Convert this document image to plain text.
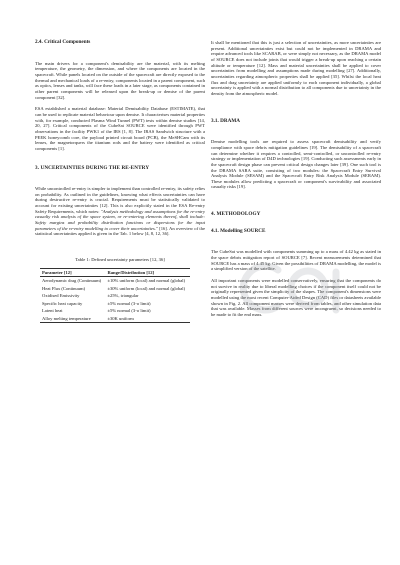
2.4. Critical Components

The main drivers for a component's demisability are the material, with its melting temperature, the geometry, the dimension, and where the components are located in the spacecraft. While panels located on the outside of the spacecraft are directly exposed to the thermal and mechanical loads of a re-entry, components located in a parent component, such as optics, lenses and tanks, will face these loads in a later stage, as components contained in other parent components will be released upon the break-up or demise of the parent component [32].

ESA established a material database: Material Demisability Database (ESTIMATE), that can be used to replicate material behaviour upon demise. It characterises material properties with, for example, conducted Plasma Wind Tunnel (PWT) tests within demise studies [14, 20, 27]. Critical components of the CubeSat SOURCE were identified through PWT observations in the facility PWK1 of the IRS [1, 8]. The IRAS Sandwich structure with a PEEK honeycomb core, the payload printed circuit board (PCB), the MeSHCam with its lenses, the magnetorquers the titanium rods and the battery were identified as critical components [1].

3. UNCERTAINTIES DURING THE RE-ENTRY

While uncontrolled re-entry is simpler to implement than controlled re-entry, its safety relies on probability. As outlined in the guidelines, knowing what effects uncertainties can have during destructive re-entry is crucial. Requirements must be statistically validated to account for existing uncertainties [12]. This is also explicitly stated in the ESA Re-entry Safety Requirements, which notes: "Analysis methodology and assumptions for the re-entry casualty risk analysis of the space system, or re-entering elements thereof, shall include: Safety margins and probability distribution functions or dispersions for the input parameters of the re-entry modelling to cover their uncertainties." [16]. An overview of the statistical uncertainties applied is given in the Tab. 1 below [4, 8, 12, 36].

Table 1: Defined uncertainty parameters [12, 36]
Parameter [12]	Range/Distribution [12]
Aerodynamic drag (Continuum)	±10% uniform (local) and normal (global)
Heat Flux (Continuum)	±30% uniform (local) and normal (global)
Oxidised Emissivity	±25%, triangular
Specific heat capacity	±5% normal (3-σ limit)
Latent heat	±5% normal (3-σ limit)
Alloy melting temperature	±30K uniform

It shall be mentioned that this is just a selection of uncertainties, as more uncertainties are present. Additional uncertainties exist but could not be implemented in DRAMA and require advanced tools like SCARAB, or were simply not necessary, as the DRAMA model of SOURCE does not include joints that would trigger a break-up upon reaching a certain altitude or temperature [12]. Mass and material uncertainties shall be applied to cover uncertainties from modelling and assumptions made during modelling [27]. Additionally, uncertainties regarding atmospheric properties shall be applied [35]. Whilst the local heat flux and drag uncertainty are applied uniformly to each component individually, a global uncertainty is applied with a normal distribution to all components due to uncertainty in the density from the atmospheric model.

3.1. DRAMA

Demise modelling tools are required to assess spacecraft demisability and verify compliance with space debris mitigation guidelines [19]. The demisability of a spacecraft can determine whether it requires a controlled, semi-controlled, or uncontrolled re-entry strategy or implementation of D4D technologies [19]. Conducting such assessments early in the spacecraft design phase can prevent critical design changes later [39]. One such tool is the DRAMA SARA suite, consisting of two modules: the Spacecraft Entry Survival Analysis Module (SESAM) and the Spacecraft Entry Risk Analysis Module (SERAM). These modules allow predicting a spacecraft or component's survivability and associated casualty risks [19].

4. METHODOLOGY
4.1. Modelling SOURCE

The CubeSat was modelled with components summing up to a mass of 4.42 kg as stated in the space debris mitigation report of SOURCE [7]. Recent measurements determined that SOURCE has a mass of 4.45 kg. Given the possibilities of DRAMA modelling, the model is a simplified version of the satellite.

All important components were modelled conservatively, ensuring that the components do not survive in reality due to liberal modelling choices if the component itself could not be originally represented given the simplicity of the shapes. The component's dimensions were modelled using the most recent Computer-Aided Design (CAD) files or datasheets available shown in Fig. 2. All component masses were derived from tables, and other simulation data that was available. Masses from different sources were incongruent, so decisions needed to be made to fit the end mass.
